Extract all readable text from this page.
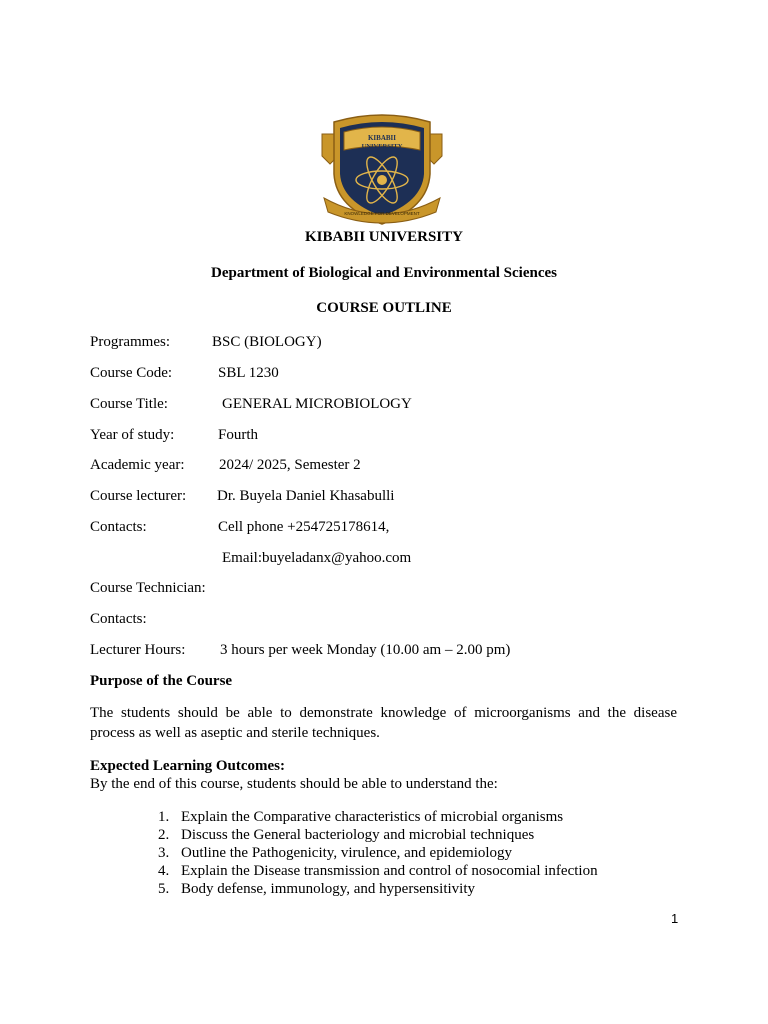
KIBABII
UNIVERSITY
KNOWLEDGE FOR DEVELOPMENT
KIBABII UNIVERSITY
Department of Biological and Environmental Sciences
COURSE OUTLINE
Programmes:	BSC (BIOLOGY)
Course Code:	SBL 1230
Course Title:	GENERAL MICROBIOLOGY
Year of study:	Fourth
Academic year: 2024/ 2025, Semester 2
Course lecturer: Dr. Buyela Daniel Khasabulli
Contacts:	Cell phone +254725178614,
Email:buyeladanx@yahoo.com
Course Technician:
Contacts:
Lecturer Hours: 3 hours per week Monday (10.00 am – 2.00 pm)
Purpose of the Course
The students should be able to demonstrate knowledge of microorganisms and the disease
process as well as aseptic and sterile techniques.
Expected Learning Outcomes:
By the end of this course, students should be able to understand the:
1. Explain the Comparative characteristics of microbial organisms
2. Discuss the General bacteriology and microbial techniques
3. Outline the Pathogenicity, virulence, and epidemiology
4. Explain the Disease transmission and control of nosocomial infection
5. Body defense, immunology, and hypersensitivity
1
